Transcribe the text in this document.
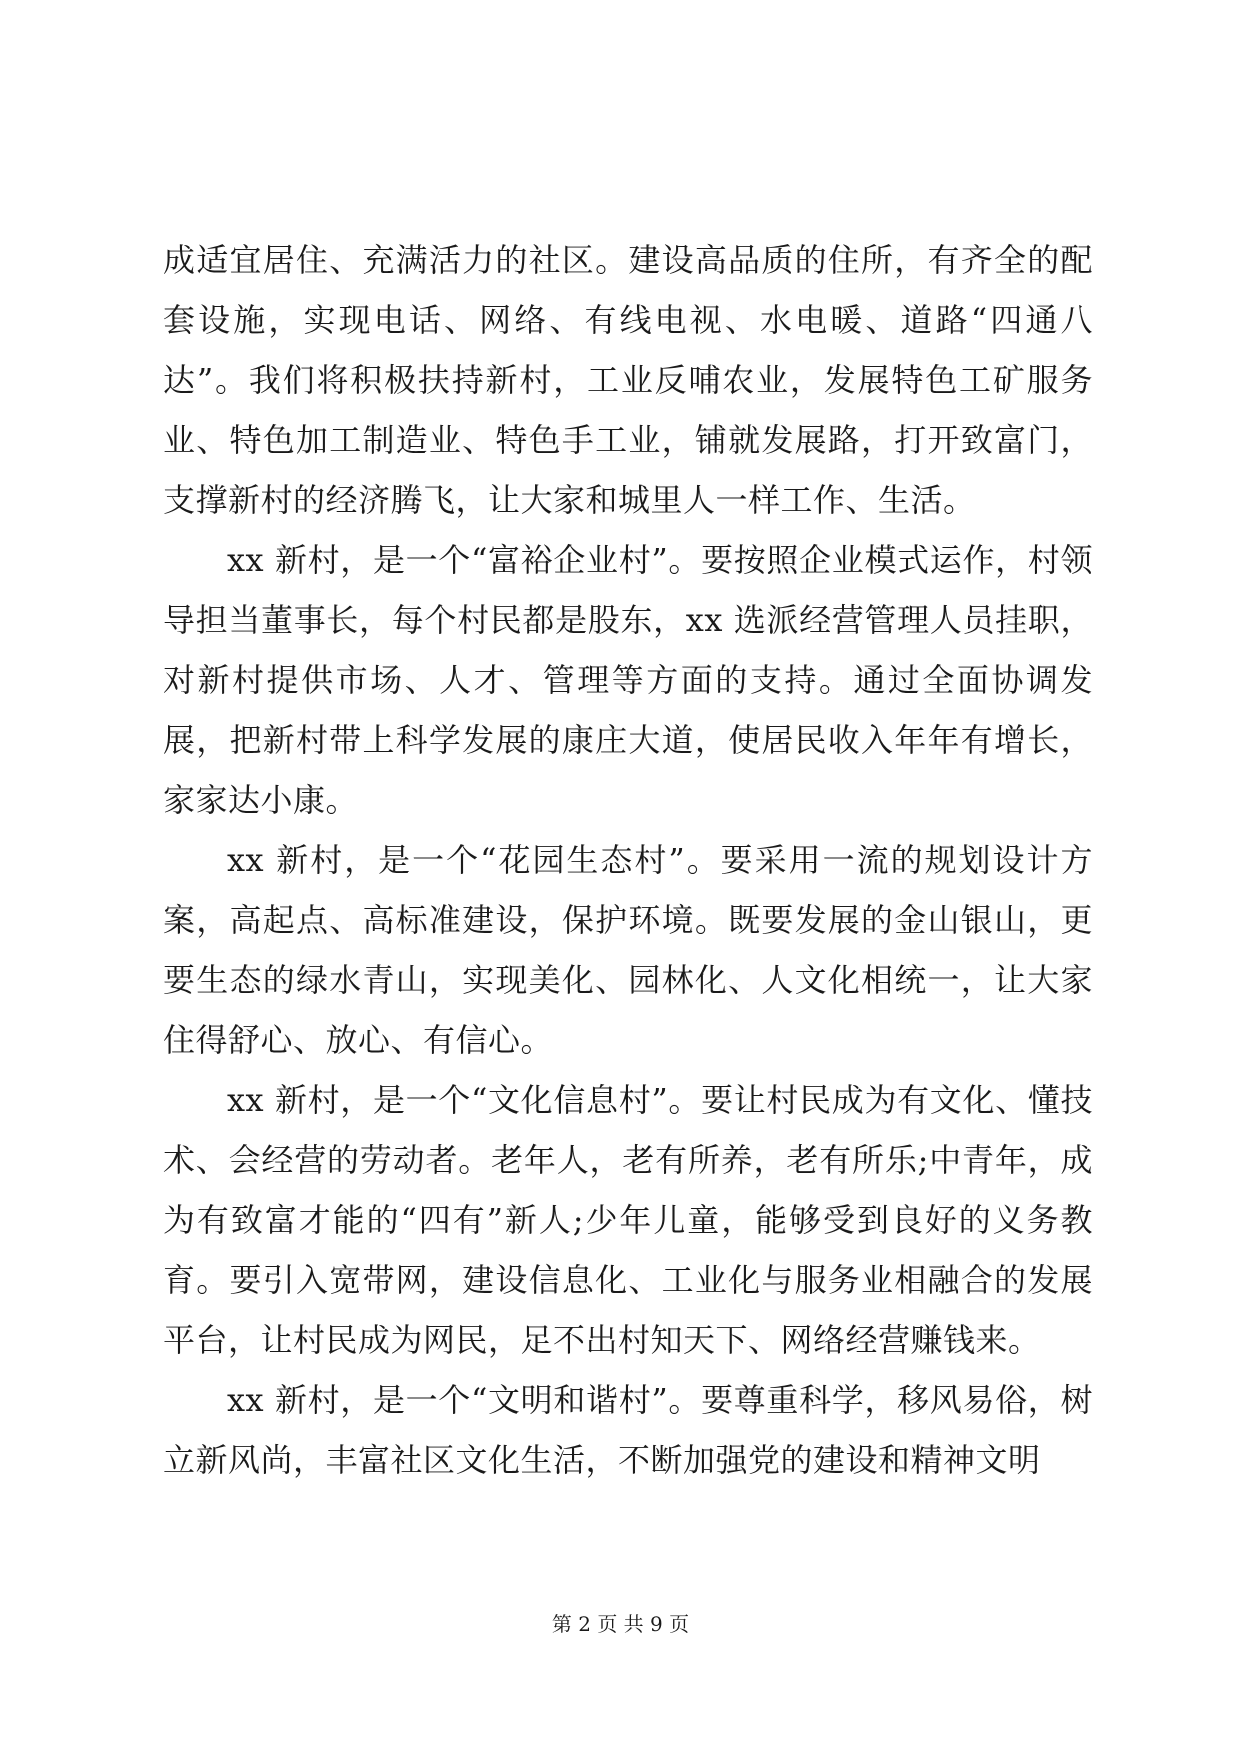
成适宜居住、充满活力的社区。建设高品质的住所，有齐全的配套设施，实现电话、网络、有线电视、水电暖、道路“四通八达”。我们将积极扶持新村，工业反哺农业，发展特色工矿服务业、特色加工制造业、特色手工业，铺就发展路，打开致富门，支撑新村的经济腾飞，让大家和城里人一样工作、生活。

xx 新村，是一个“富裕企业村”。要按照企业模式运作，村领导担当董事长，每个村民都是股东，xx 选派经营管理人员挂职，对新村提供市场、人才、管理等方面的支持。通过全面协调发展，把新村带上科学发展的康庄大道，使居民收入年年有增长，家家达小康。

xx 新村，是一个“花园生态村”。要采用一流的规划设计方案，高起点、高标准建设，保护环境。既要发展的金山银山，更要生态的绿水青山，实现美化、园林化、人文化相统一，让大家住得舒心、放心、有信心。

xx 新村，是一个“文化信息村”。要让村民成为有文化、懂技术、会经营的劳动者。老年人，老有所养，老有所乐;中青年，成为有致富才能的“四有”新人;少年儿童，能够受到良好的义务教育。要引入宽带网，建设信息化、工业化与服务业相融合的发展平台，让村民成为网民，足不出村知天下、网络经营赚钱来。

xx 新村，是一个“文明和谐村”。要尊重科学，移风易俗，树立新风尚，丰富社区文化生活，不断加强党的建设和精神文明

第 2 页 共 9 页
